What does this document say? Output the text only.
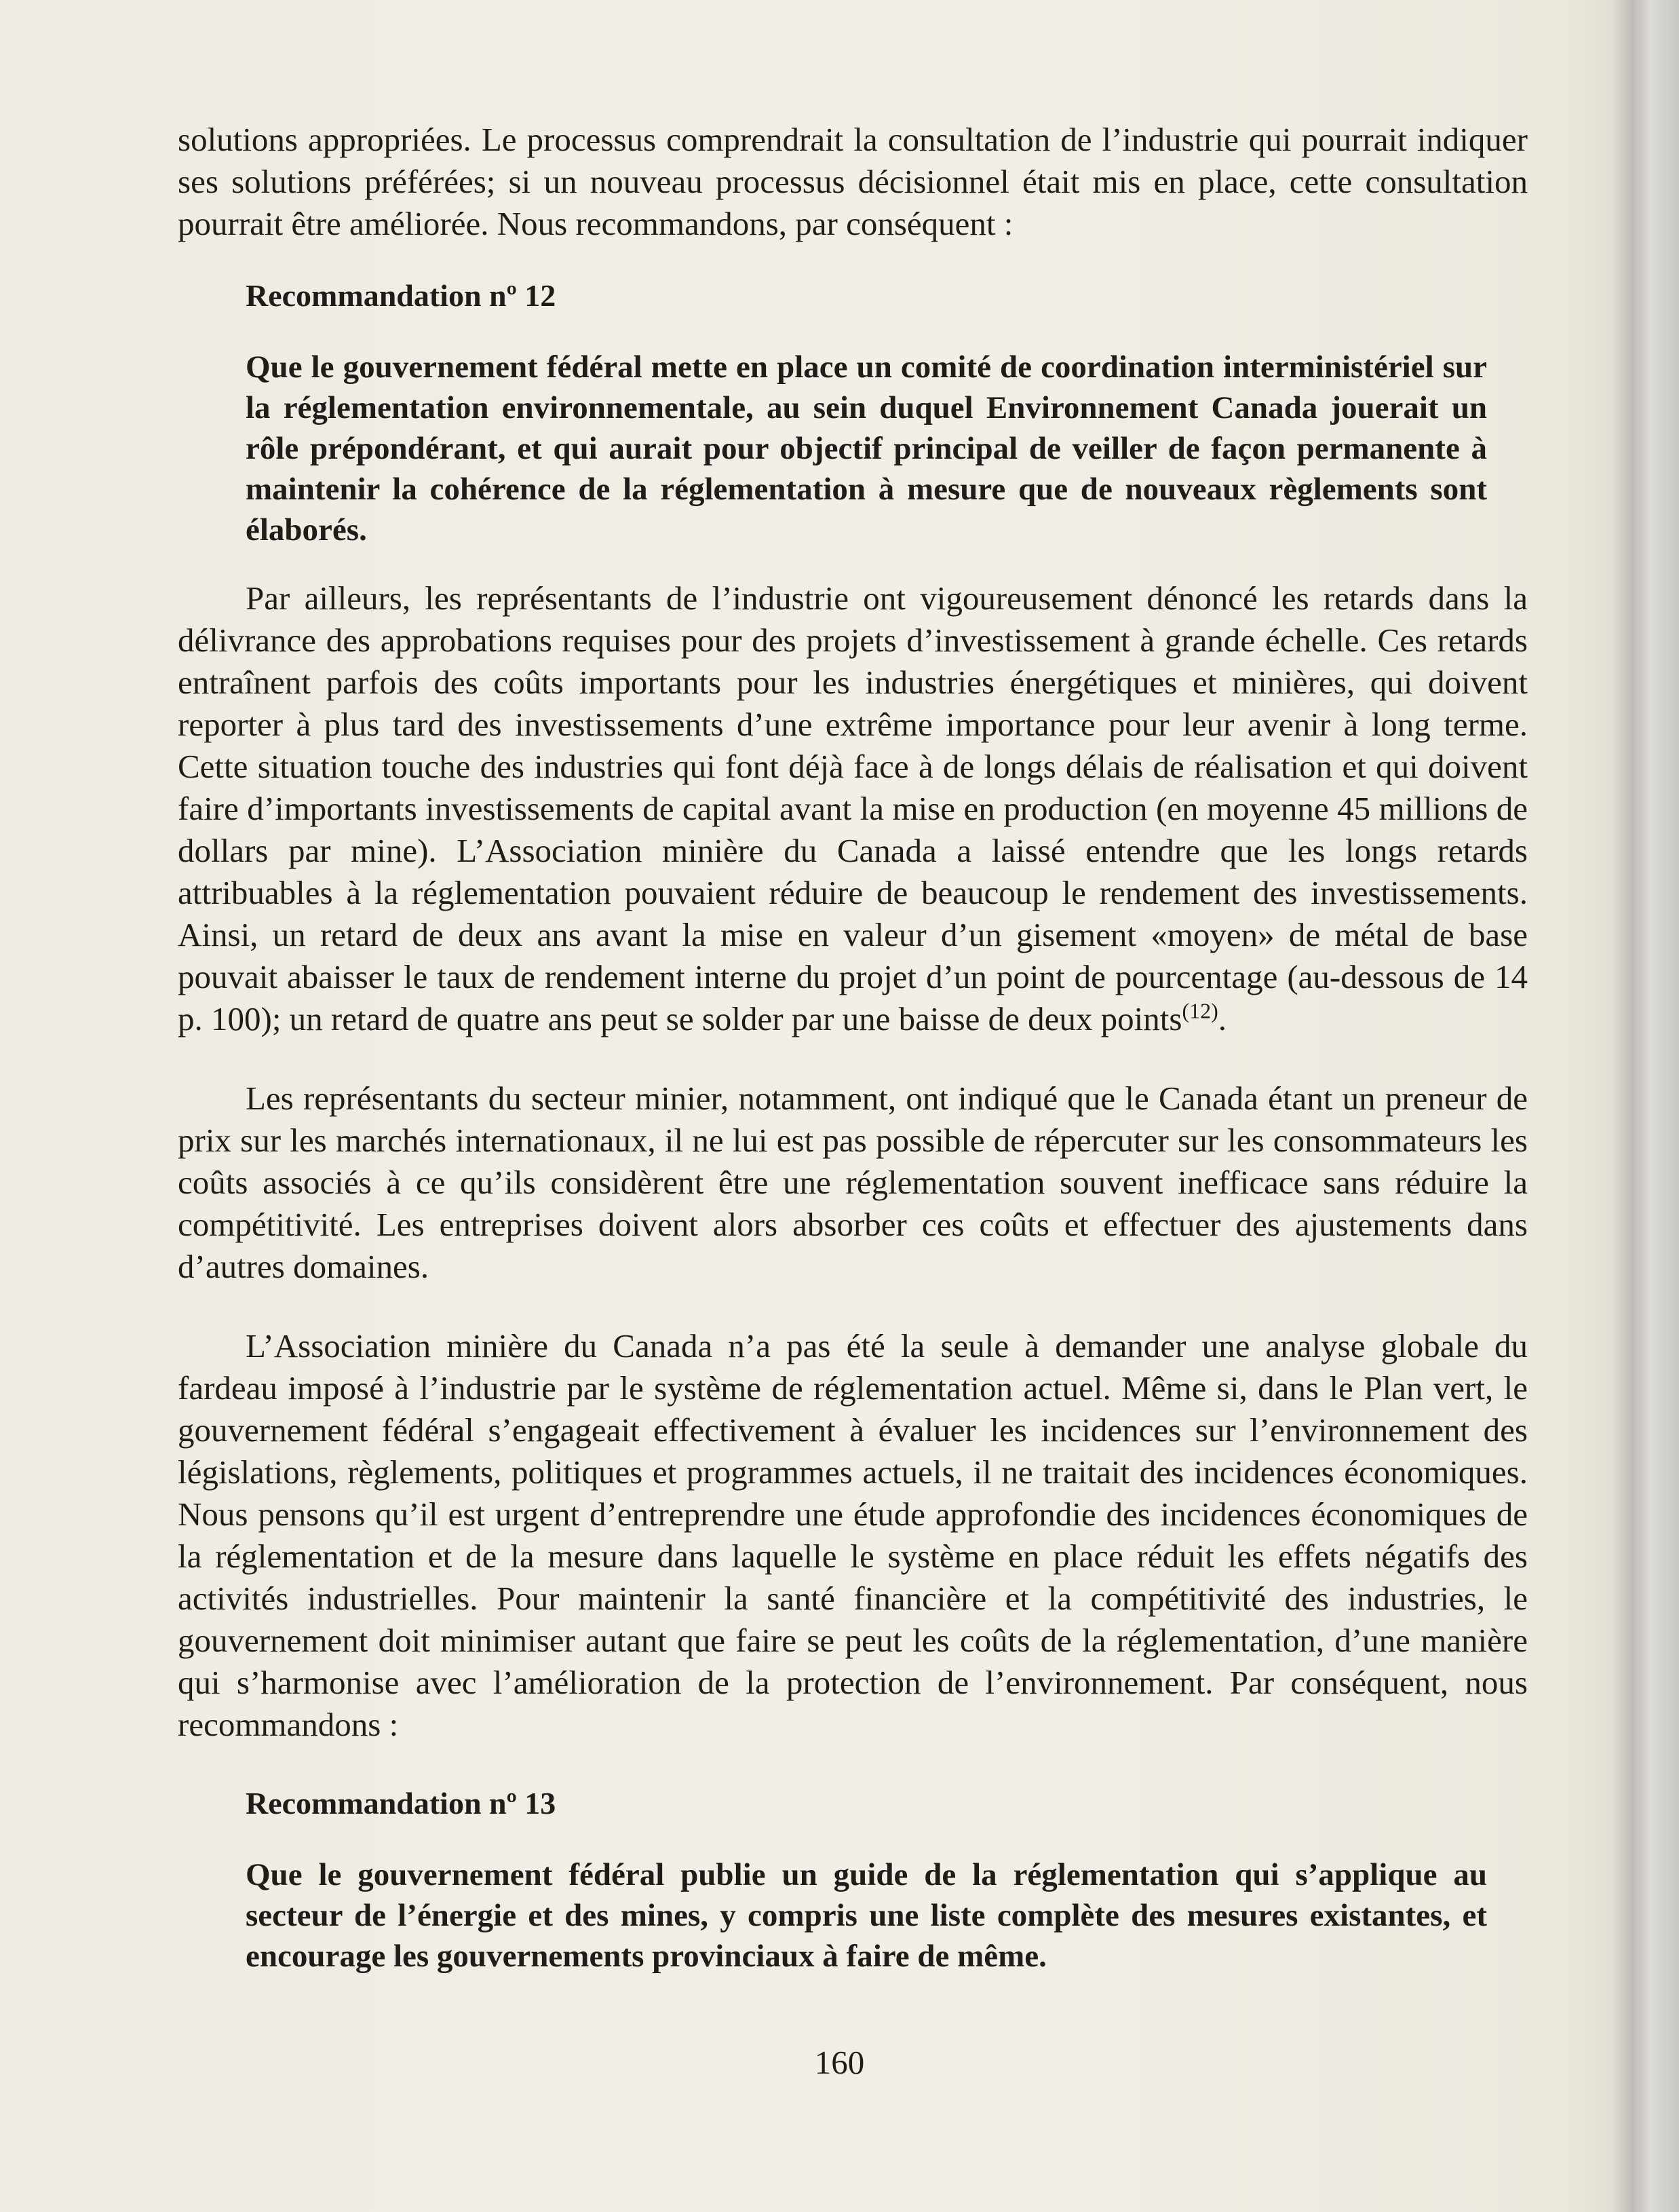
solutions appropriées. Le processus comprendrait la consultation de l’industrie qui pourrait indiquer ses solutions préférées; si un nouveau processus décisionnel était mis en place, cette consultation pourrait être améliorée. Nous recommandons, par conséquent :

Recommandation nº 12

Que le gouvernement fédéral mette en place un comité de coordination interministériel sur la réglementation environnementale, au sein duquel Environnement Canada jouerait un rôle prépondérant, et qui aurait pour objectif principal de veiller de façon permanente à maintenir la cohérence de la réglementation à mesure que de nouveaux règlements sont élaborés.

Par ailleurs, les représentants de l’industrie ont vigoureusement dénoncé les retards dans la délivrance des approbations requises pour des projets d’investissement à grande échelle. Ces retards entraînent parfois des coûts importants pour les industries énergétiques et minières, qui doivent reporter à plus tard des investissements d’une extrême importance pour leur avenir à long terme. Cette situation touche des industries qui font déjà face à de longs délais de réalisation et qui doivent faire d’importants investissements de capital avant la mise en production (en moyenne 45 millions de dollars par mine). L’Association minière du Canada a laissé entendre que les longs retards attribuables à la réglementation pouvaient réduire de beaucoup le rendement des investissements. Ainsi, un retard de deux ans avant la mise en valeur d’un gisement «moyen» de métal de base pouvait abaisser le taux de rendement interne du projet d’un point de pourcentage (au-dessous de 14 p. 100); un retard de quatre ans peut se solder par une baisse de deux points$^{(12)}$.

Les représentants du secteur minier, notamment, ont indiqué que le Canada étant un preneur de prix sur les marchés internationaux, il ne lui est pas possible de répercuter sur les consommateurs les coûts associés à ce qu’ils considèrent être une réglementation souvent inefficace sans réduire la compétitivité. Les entreprises doivent alors absorber ces coûts et effectuer des ajustements dans d’autres domaines.

L’Association minière du Canada n’a pas été la seule à demander une analyse globale du fardeau imposé à l’industrie par le système de réglementation actuel. Même si, dans le Plan vert, le gouvernement fédéral s’engageait effectivement à évaluer les incidences sur l’environnement des législations, règlements, politiques et programmes actuels, il ne traitait des incidences économiques. Nous pensons qu’il est urgent d’entreprendre une étude approfondie des incidences économiques de la réglementation et de la mesure dans laquelle le système en place réduit les effets négatifs des activités industrielles. Pour maintenir la santé financière et la compétitivité des industries, le gouvernement doit minimiser autant que faire se peut les coûts de la réglementation, d’une manière qui s’harmonise avec l’amélioration de la protection de l’environnement. Par conséquent, nous recommandons :

Recommandation nº 13

Que le gouvernement fédéral publie un guide de la réglementation qui s’applique au secteur de l’énergie et des mines, y compris une liste complète des mesures existantes, et encourage les gouvernements provinciaux à faire de même.

160
